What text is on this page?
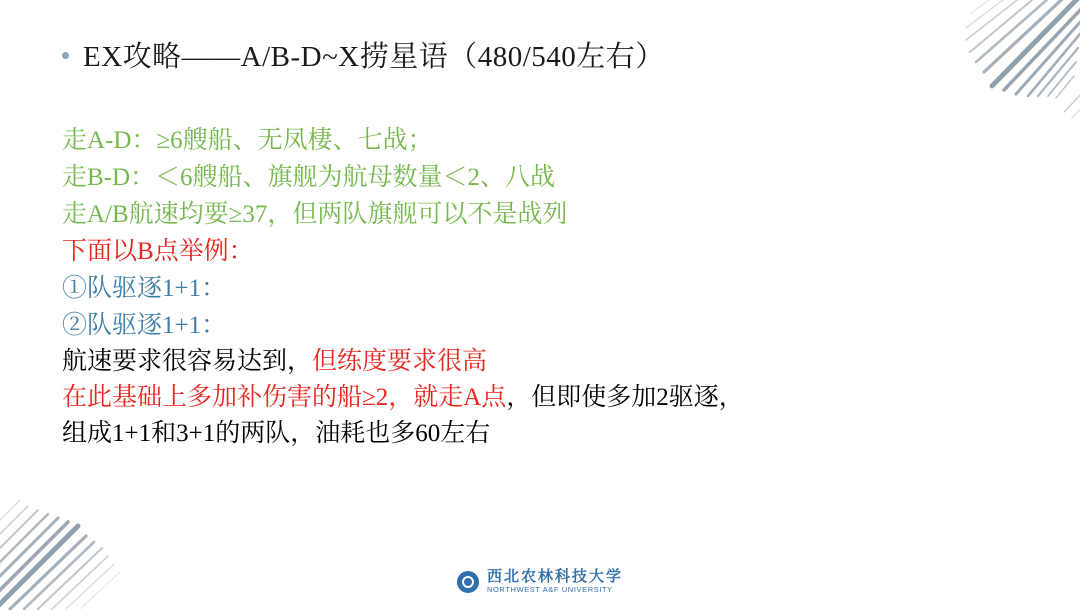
EX攻略——A/B-D~X捞星语（480/540左右）
走A-D：≥6艘船、无凤棲、七战；
走B-D：＜6艘船、旗舰为航母数量＜2、八战
走A/B航速均要≥37，但两队旗舰可以不是战列
下面以B点举例：
①队驱逐1+1：
②队驱逐1+1：
航速要求很容易达到，但练度要求很高
在此基础上多加补伤害的船≥2，就走A点，但即使多加2驱逐，
组成1+1和3+1的两队，油耗也多60左右
西北农林科技大学
NORTHWEST A&F UNIVERSITY
